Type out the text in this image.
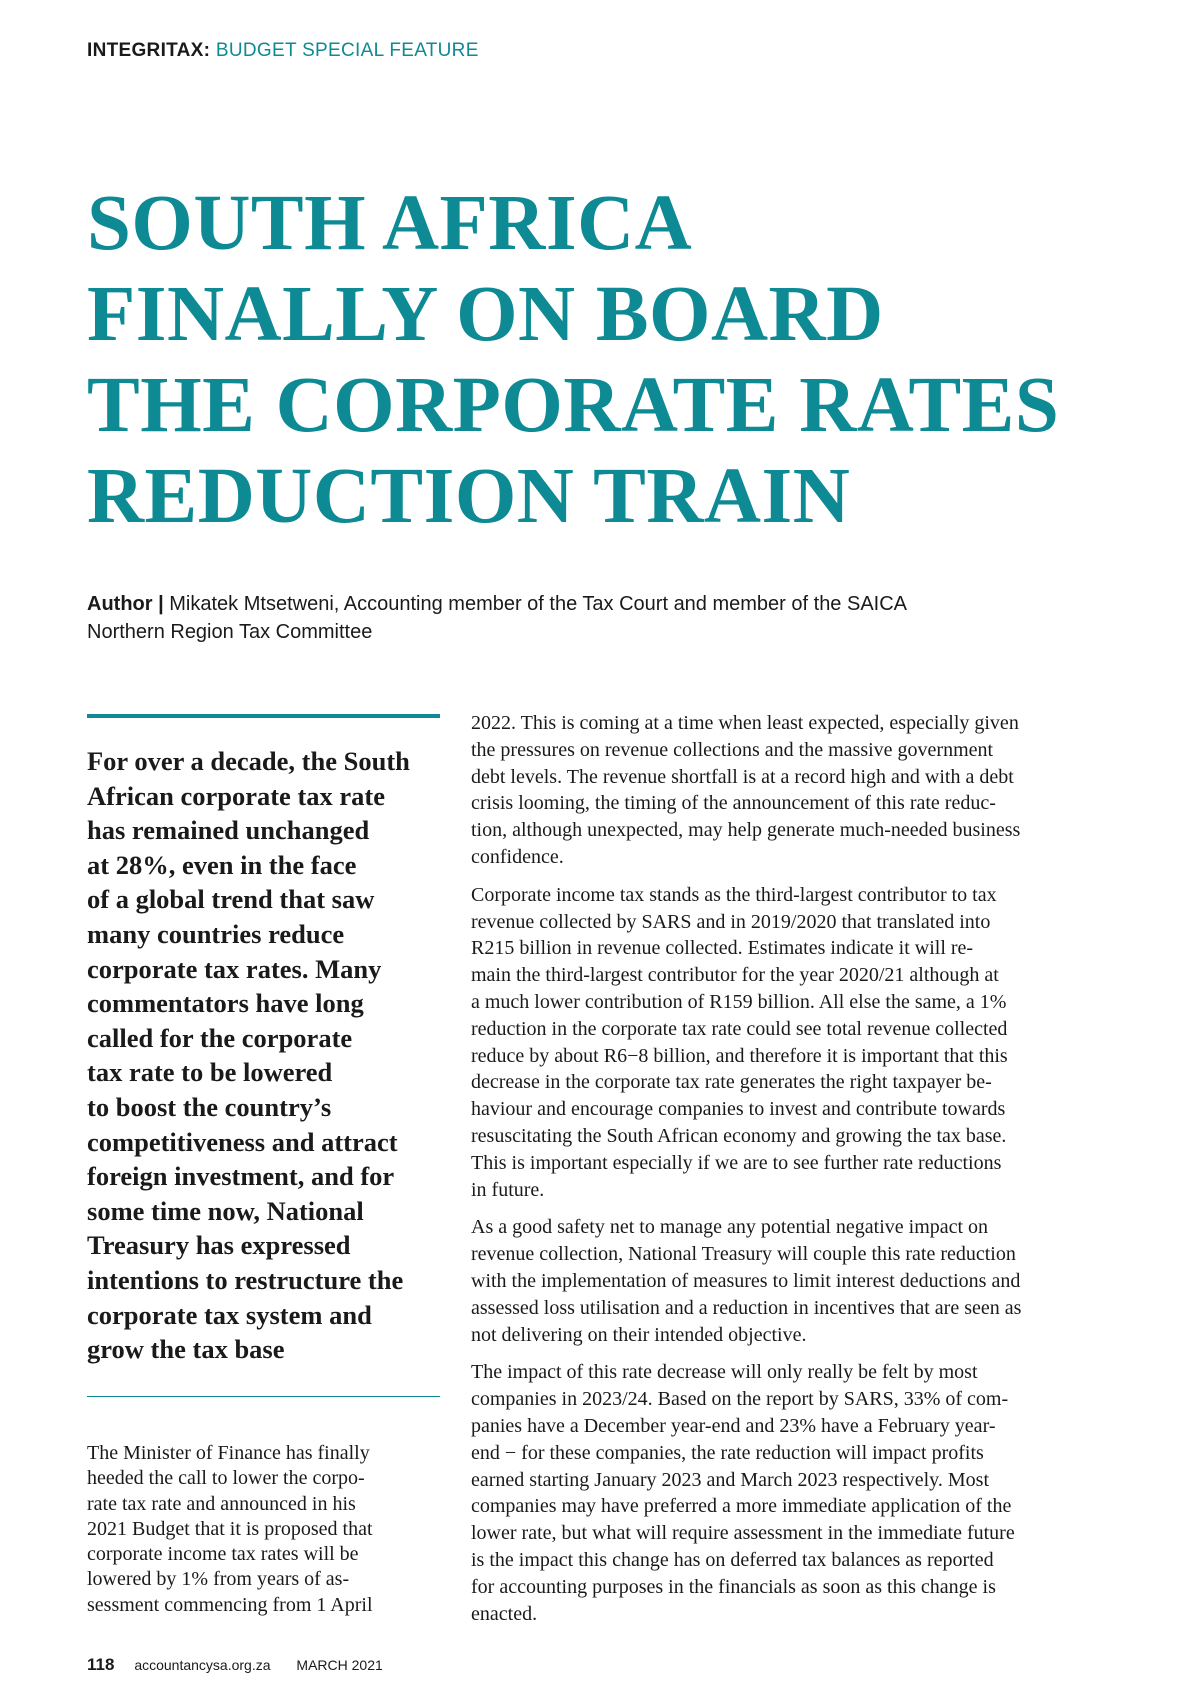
INTEGRITAX: BUDGET SPECIAL FEATURE
SOUTH AFRICA
FINALLY ON BOARD
THE CORPORATE RATES
REDUCTION TRAIN
Author | Mikatek Mtsetweni, Accounting member of the Tax Court and member of the SAICA
Northern Region Tax Committee
For over a decade, the South
African corporate tax rate
has remained unchanged
at 28%, even in the face
of a global trend that saw
many countries reduce
corporate tax rates. Many
commentators have long
called for the corporate
tax rate to be lowered
to boost the country’s
competitiveness and attract
foreign investment, and for
some time now, National
Treasury has expressed
intentions to restructure the
corporate tax system and
grow the tax base
The Minister of Finance has finally
heeded the call to lower the corpo-
rate tax rate and announced in his
2021 Budget that it is proposed that
corporate income tax rates will be
lowered by 1% from years of as-
sessment commencing from 1 April

2022. This is coming at a time when least expected, especially given
the pressures on revenue collections and the massive government
debt levels. The revenue shortfall is at a record high and with a debt
crisis looming, the timing of the announcement of this rate reduc-
tion, although unexpected, may help generate much-needed business
confidence.

Corporate income tax stands as the third-largest contributor to tax
revenue collected by SARS and in 2019/2020 that translated into
R215 billion in revenue collected. Estimates indicate it will re-
main the third-largest contributor for the year 2020/21 although at
a much lower contribution of R159 billion. All else the same, a 1%
reduction in the corporate tax rate could see total revenue collected
reduce by about R6−8 billion, and therefore it is important that this
decrease in the corporate tax rate generates the right taxpayer be-
haviour and encourage companies to invest and contribute towards
resuscitating the South African economy and growing the tax base.
This is important especially if we are to see further rate reductions
in future.

As a good safety net to manage any potential negative impact on
revenue collection, National Treasury will couple this rate reduction
with the implementation of measures to limit interest deductions and
assessed loss utilisation and a reduction in incentives that are seen as
not delivering on their intended objective.

The impact of this rate decrease will only really be felt by most
companies in 2023/24. Based on the report by SARS, 33% of com-
panies have a December year-end and 23% have a February year-
end − for these companies, the rate reduction will impact profits
earned starting January 2023 and March 2023 respectively. Most
companies may have preferred a more immediate application of the
lower rate, but what will require assessment in the immediate future
is the impact this change has on deferred tax balances as reported
for accounting purposes in the financials as soon as this change is
enacted.

118 accountancysa.org.za MARCH 2021
